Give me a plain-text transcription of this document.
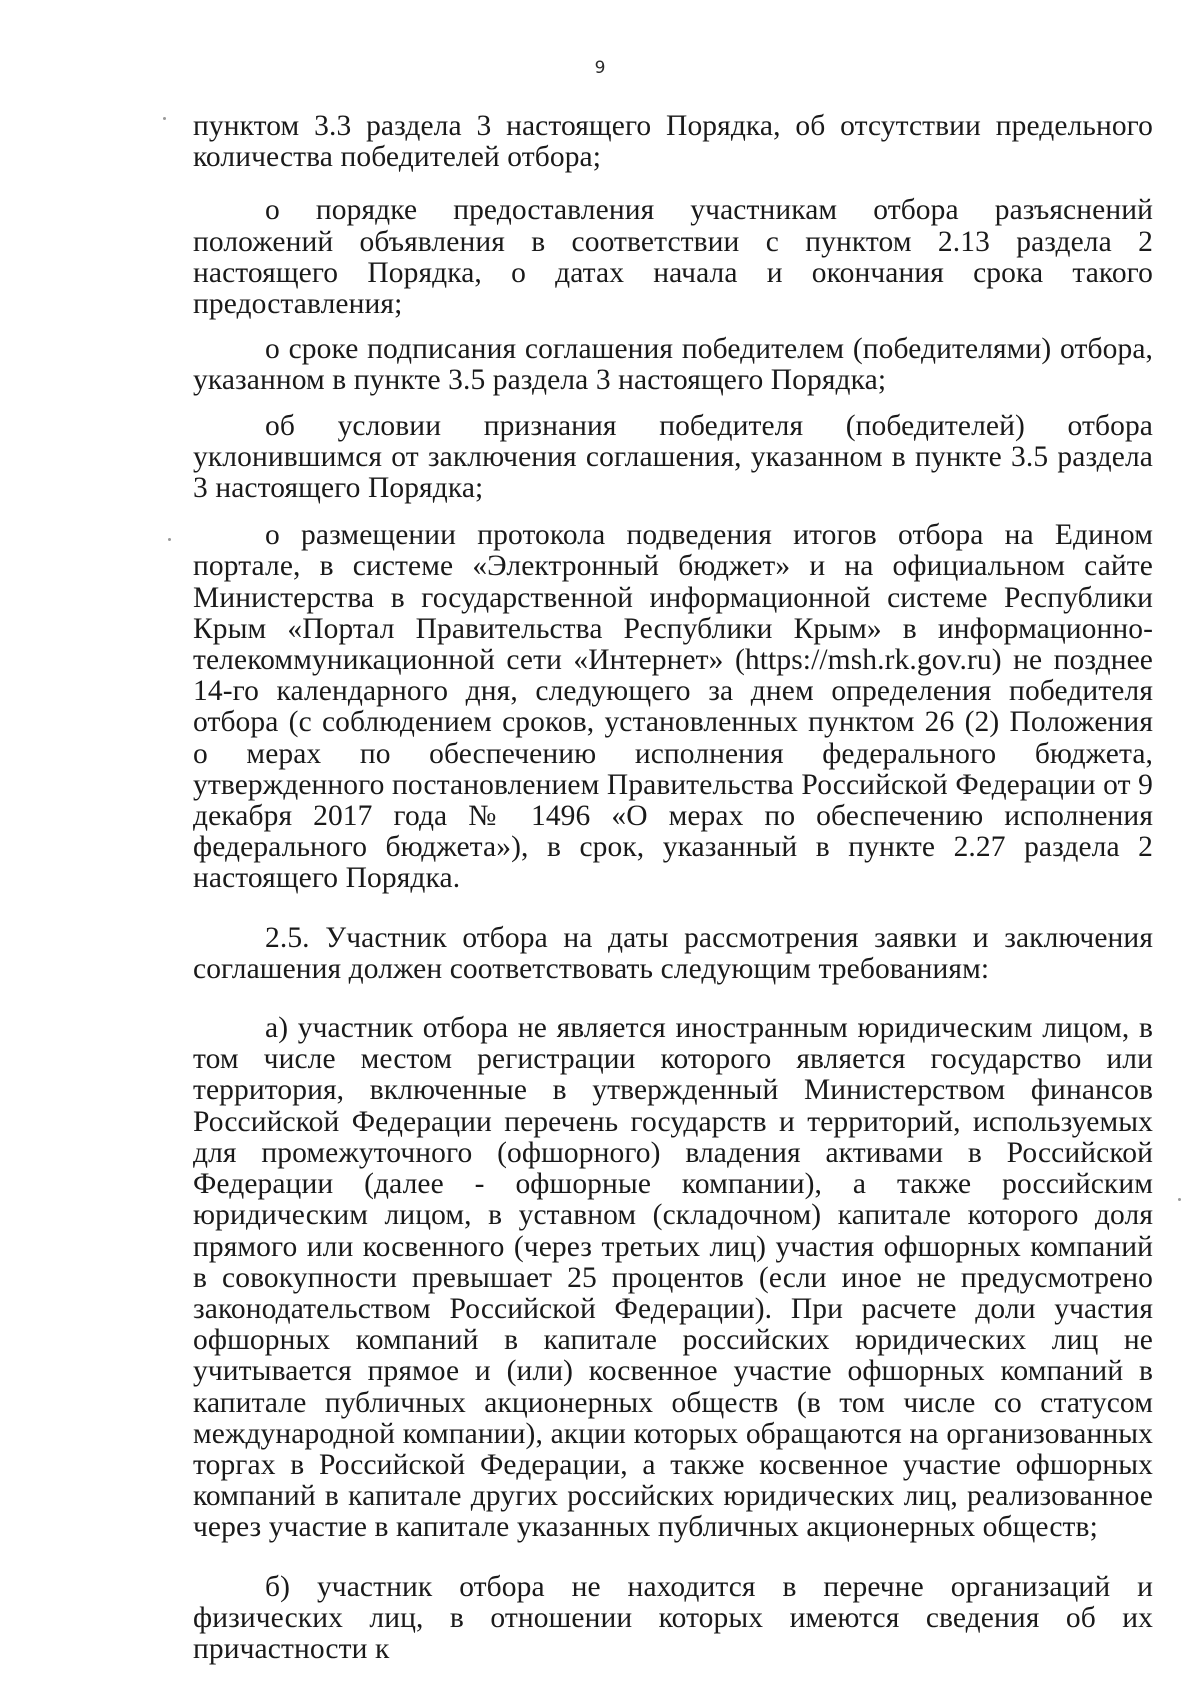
9

пунктом 3.3 раздела 3 настоящего Порядка, об отсутствии предельного количества победителей отбора;

о порядке предоставления участникам отбора разъяснений положений объявления в соответствии с пунктом 2.13 раздела 2 настоящего Порядка, о датах начала и окончания срока такого предоставления;

о сроке подписания соглашения победителем (победителями) отбора, указанном в пункте 3.5 раздела 3 настоящего Порядка;

об условии признания победителя (победителей) отбора уклонившимся от заключения соглашения, указанном в пункте 3.5 раздела 3 настоящего Порядка;

о размещении протокола подведения итогов отбора на Едином портале, в системе «Электронный бюджет» и на официальном сайте Министерства в государственной информационной системе Республики Крым «Портал Правительства Республики Крым» в информационно-телекоммуникационной сети «Интернет» (https://msh.rk.gov.ru) не позднее 14-го календарного дня, следующего за днем определения победителя отбора (с соблюдением сроков, установленных пунктом 26 (2) Положения о мерах по обеспечению исполнения федерального бюджета, утвержденного постановлением Правительства Российской Федерации от 9 декабря 2017 года № 1496 «О мерах по обеспечению исполнения федерального бюджета»), в срок, указанный в пункте 2.27 раздела 2 настоящего Порядка.

2.5. Участник отбора на даты рассмотрения заявки и заключения соглашения должен соответствовать следующим требованиям:

а) участник отбора не является иностранным юридическим лицом, в том числе местом регистрации которого является государство или территория, включенные в утвержденный Министерством финансов Российской Федерации перечень государств и территорий, используемых для промежуточного (офшорного) владения активами в Российской Федерации (далее - офшорные компании), а также российским юридическим лицом, в уставном (складочном) капитале которого доля прямого или косвенного (через третьих лиц) участия офшорных компаний в совокупности превышает 25 процентов (если иное не предусмотрено законодательством Российской Федерации). При расчете доли участия офшорных компаний в капитале российских юридических лиц не учитывается прямое и (или) косвенное участие офшорных компаний в капитале публичных акционерных обществ (в том числе со статусом международной компании), акции которых обращаются на организованных торгах в Российской Федерации, а также косвенное участие офшорных компаний в капитале других российских юридических лиц, реализованное через участие в капитале указанных публичных акционерных обществ;

б) участник отбора не находится в перечне организаций и физических лиц, в отношении которых имеются сведения об их причастности к
